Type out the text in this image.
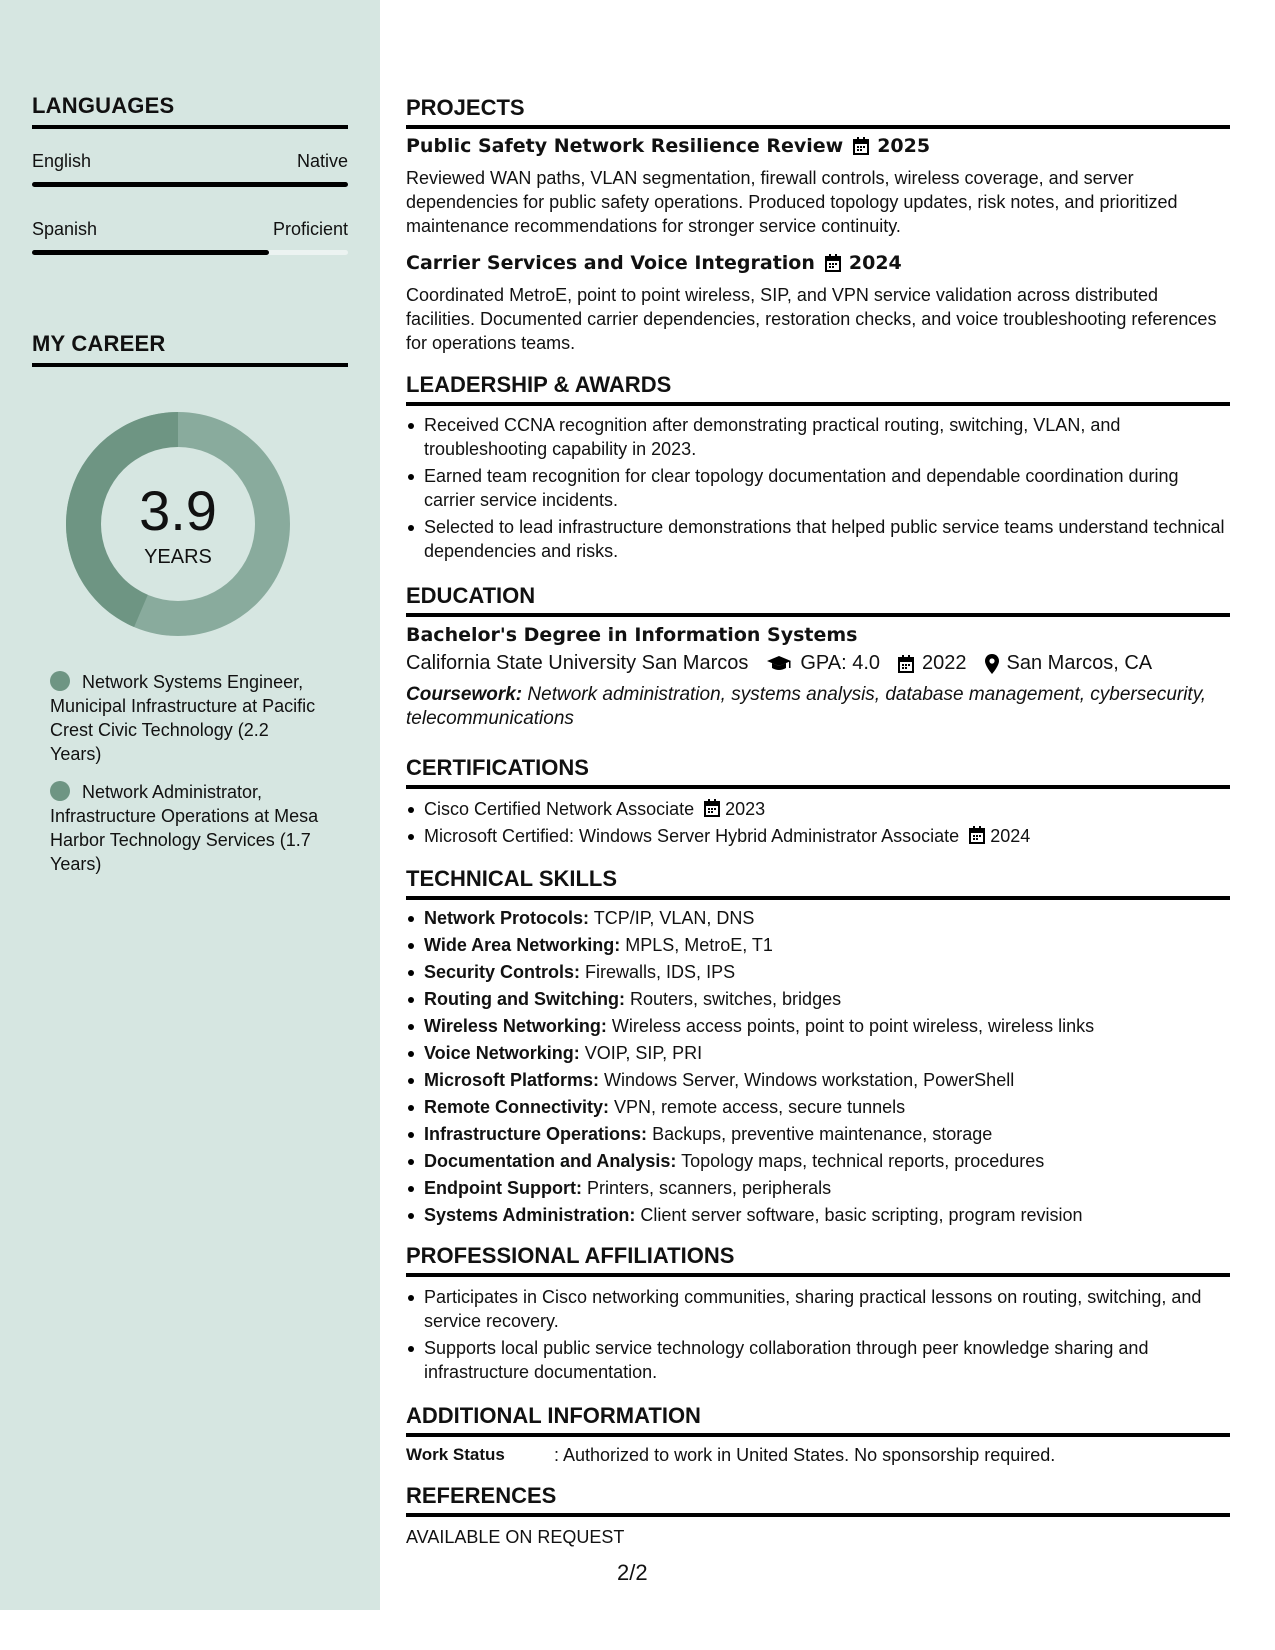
LANGUAGES
English	Native
Spanish	Proficient
MY CAREER
3.9
YEARS
Network Systems Engineer, Municipal Infrastructure at Pacific Crest Civic Technology (2.2 Years)
Network Administrator, Infrastructure Operations at Mesa Harbor Technology Services (1.7 Years)
PROJECTS
Public Safety Network Resilience Review 2025
Reviewed WAN paths, VLAN segmentation, firewall controls, wireless coverage, and server dependencies for public safety operations. Produced topology updates, risk notes, and prioritized maintenance recommendations for stronger service continuity.
Carrier Services and Voice Integration 2024
Coordinated MetroE, point to point wireless, SIP, and VPN service validation across distributed facilities. Documented carrier dependencies, restoration checks, and voice troubleshooting references for operations teams.
LEADERSHIP & AWARDS
Received CCNA recognition after demonstrating practical routing, switching, VLAN, and troubleshooting capability in 2023.
Earned team recognition for clear topology documentation and dependable coordination during carrier service incidents.
Selected to lead infrastructure demonstrations that helped public service teams understand technical dependencies and risks.
EDUCATION
Bachelor's Degree in Information Systems
California State University San Marcos	GPA: 4.0 2022 San Marcos, CA
Coursework: Network administration, systems analysis, database management, cybersecurity, telecommunications
CERTIFICATIONS
Cisco Certified Network Associate 2023
Microsoft Certified: Windows Server Hybrid Administrator Associate 2024
TECHNICAL SKILLS
Network Protocols: TCP/IP, VLAN, DNS
Wide Area Networking: MPLS, MetroE, T1
Security Controls: Firewalls, IDS, IPS
Routing and Switching: Routers, switches, bridges
Wireless Networking: Wireless access points, point to point wireless, wireless links
Voice Networking: VOIP, SIP, PRI
Microsoft Platforms: Windows Server, Windows workstation, PowerShell
Remote Connectivity: VPN, remote access, secure tunnels
Infrastructure Operations: Backups, preventive maintenance, storage
Documentation and Analysis: Topology maps, technical reports, procedures
Endpoint Support: Printers, scanners, peripherals
Systems Administration: Client server software, basic scripting, program revision
PROFESSIONAL AFFILIATIONS
Participates in Cisco networking communities, sharing practical lessons on routing, switching, and service recovery.
Supports local public service technology collaboration through peer knowledge sharing and infrastructure documentation.
ADDITIONAL INFORMATION
Work Status	: Authorized to work in United States. No sponsorship required.
REFERENCES
AVAILABLE ON REQUEST
2/2
